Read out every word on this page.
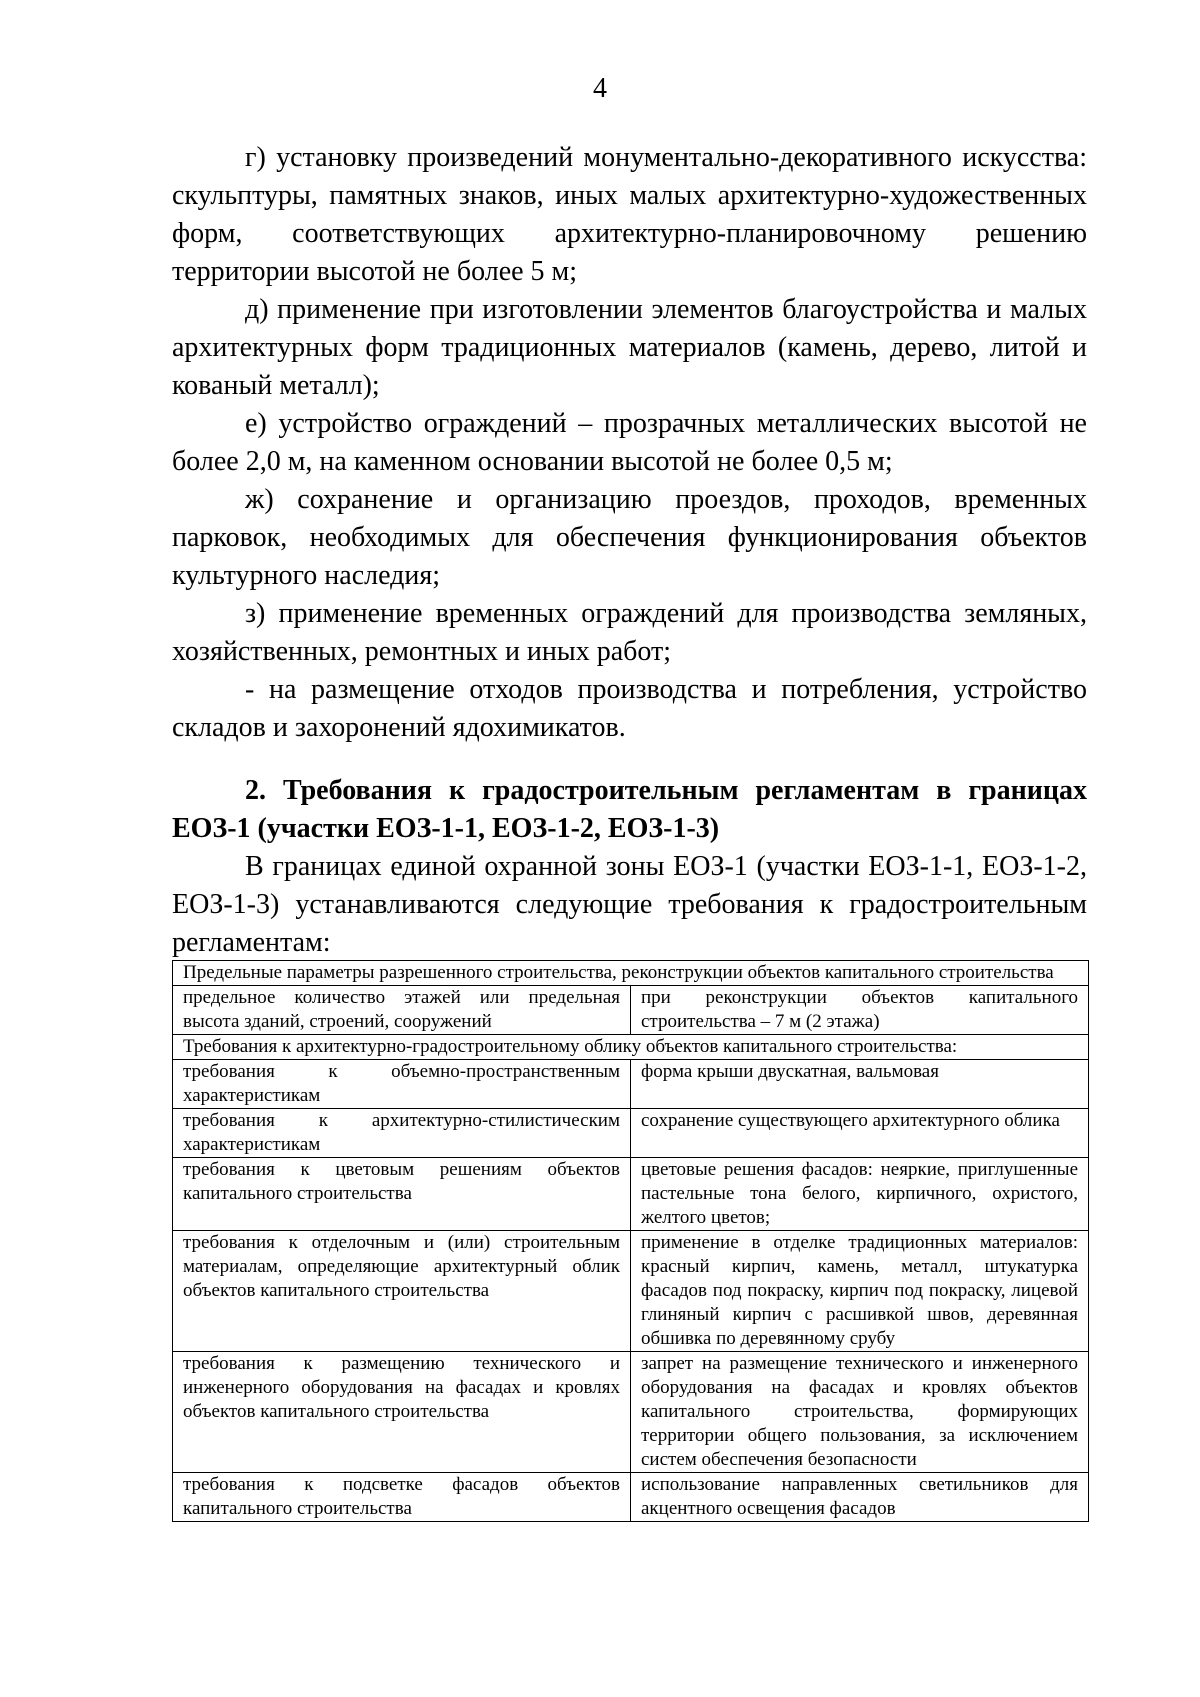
4

г) установку произведений монументально-декоративного искусства: скульптуры, памятных знаков, иных малых архитектурно-художественных форм, соответствующих архитектурно-планировочному решению территории высотой не более 5 м;

д) применение при изготовлении элементов благоустройства и малых архитектурных форм традиционных материалов (камень, дерево, литой и кованый металл);

е) устройство ограждений – прозрачных металлических высотой не более 2,0 м, на каменном основании высотой не более 0,5 м;

ж) сохранение и организацию проездов, проходов, временных парковок, необходимых для обеспечения функционирования объектов культурного наследия;

з) применение временных ограждений для производства земляных, хозяйственных, ремонтных и иных работ;

- на размещение отходов производства и потребления, устройство складов и захоронений ядохимикатов.

2. Требования к градостроительным регламентам в границах ЕОЗ-1 (участки ЕОЗ-1-1, ЕОЗ-1-2, ЕОЗ-1-3)

В границах единой охранной зоны ЕОЗ-1 (участки ЕОЗ-1-1, ЕОЗ-1-2, ЕОЗ-1-3) устанавливаются следующие требования к градостроительным регламентам:

Предельные параметры разрешенного строительства, реконструкции объектов капитального строительства	
предельное количество этажей или предельная высота зданий, строений, сооружений	при реконструкции объектов капитального строительства – 7 м (2 этажа)
Требования к архитектурно-градостроительному облику объектов капитального строительства:	
требования к объемно-пространственным характеристикам	форма крыши двускатная, вальмовая
требования к архитектурно-стилистическим характеристикам	сохранение существующего архитектурного облика
требования к цветовым решениям объектов капитального строительства	цветовые решения фасадов: неяркие, приглушенные пастельные тона белого, кирпичного, охристого, желтого цветов;
требования к отделочным и (или) строительным материалам, определяющие архитектурный облик объектов капитального строительства	применение в отделке традиционных материалов: красный кирпич, камень, металл, штукатурка фасадов под покраску, кирпич под покраску, лицевой глиняный кирпич с расшивкой швов, деревянная обшивка по деревянному срубу
требования к размещению технического и инженерного оборудования на фасадах и кровлях объектов капитального строительства	запрет на размещение технического и инженерного оборудования на фасадах и кровлях объектов капитального строительства, формирующих территории общего пользования, за исключением систем обеспечения безопасности
требования к подсветке фасадов объектов капитального строительства	использование направленных светильников для акцентного освещения фасадов
